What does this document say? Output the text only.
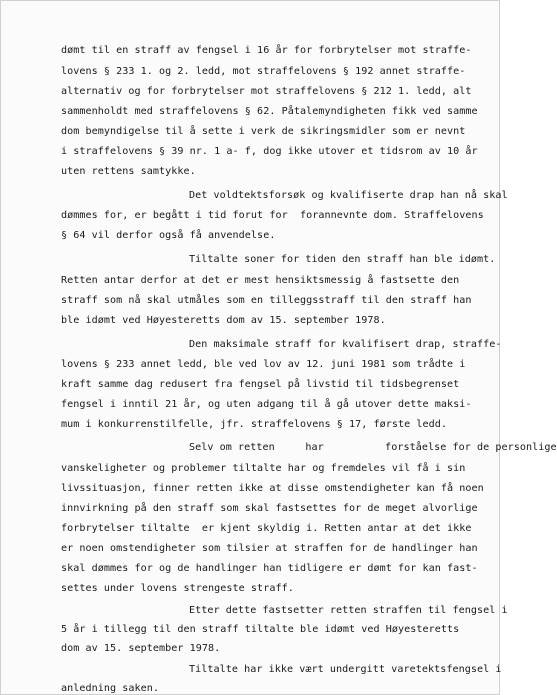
dømt til en straff av fengsel i 16 år for forbrytelser mot straffe-
lovens § 233 1. og 2. ledd, mot straffelovens § 192 annet straffe-
alternativ og for forbrytelser mot straffelovens § 212 1. ledd, alt
sammenholdt med straffelovens § 62. Påtalemyndigheten fikk ved samme
dom bemyndigelse til å sette i verk de sikringsmidler som er nevnt
i straffelovens § 39 nr. 1 a- f, dog ikke utover et tidsrom av 10 år
uten rettens samtykke.
Det voldtektsforsøk og kvalifiserte drap han nå skal
dømmes for, er begått i tid forut for  forannevnte dom. Straffelovens
§ 64 vil derfor også få anvendelse.
Tiltalte soner for tiden den straff han ble idømt.
Retten antar derfor at det er mest hensiktsmessig å fastsette den
straff som nå skal utmåles som en tilleggsstraff til den straff han
ble idømt ved Høyesteretts dom av 15. september 1978.
Den maksimale straff for kvalifisert drap, straffe-
lovens § 233 annet ledd, ble ved lov av 12. juni 1981 som trådte i
kraft samme dag redusert fra fengsel på livstid til tidsbegrenset
fengsel i inntil 21 år, og uten adgang til å gå utover dette maksi-
mum i konkurrenstilfelle, jfr. straffelovens § 17, første ledd.
Selv om retten     har          forståelse for de personlige
vanskeligheter og problemer tiltalte har og fremdeles vil få i sin
livssituasjon, finner retten ikke at disse omstendigheter kan få noen
innvirkning på den straff som skal fastsettes for de meget alvorlige
forbrytelser tiltalte  er kjent skyldig i. Retten antar at det ikke
er noen omstendigheter som tilsier at straffen for de handlinger han
skal dømmes for og de handlinger han tidligere er dømt for kan fast-
settes under lovens strengeste straff.
Etter dette fastsetter retten straffen til fengsel i
5 år i tillegg til den straff tiltalte ble idømt ved Høyesteretts
dom av 15. september 1978.
Tiltalte har ikke vært undergitt varetektsfengsel i
anledning saken.
